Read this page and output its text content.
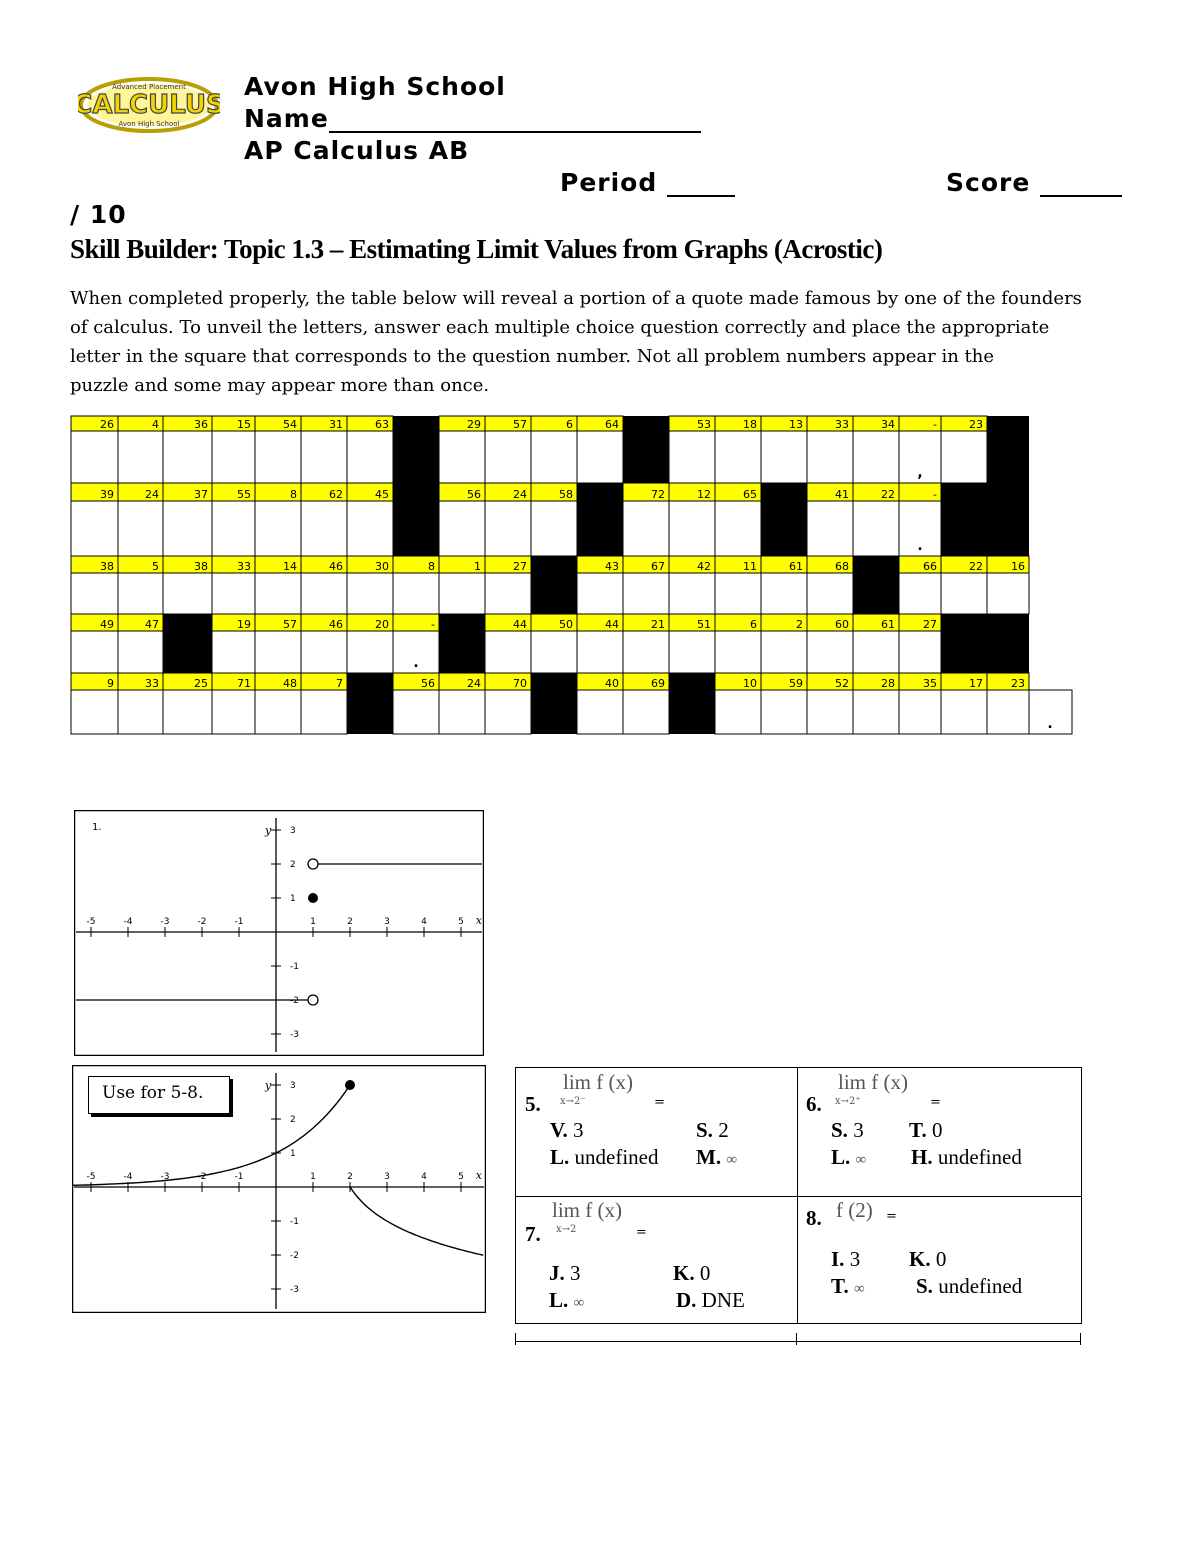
CALCULUS
Advanced Placement
Avon High School
Avon High School
Name
AP Calculus AB
Period	Score
/ 10
Skill Builder: Topic 1.3 – Estimating Limit Values from Graphs (Acrostic)
When completed properly, the table below will reveal a portion of a quote made famous by one of the founders
of calculus. To unveil the letters, answer each multiple choice question correctly and place the appropriate
letter in the square that corresponds to the question number. Not all problem numbers appear in the
puzzle and some may appear more than once.
26	4	36	15	54	31	63	29	57	6	64	53	18	13	33	34	-	23
39	24	37	55	8	62	45	56	24	58	72	12	65	41	22	-
38	5	38	33	14	46	30	8	1	27	43	67	42	11	61	68	66	22	16
49	47	19	57	46	20	-	44	50	44	21	51	6	2	60	61	27
9	33	25	71	48	7	56	24	70	40	69	10	59	52	28	35	17	23
,
.
.
.
-5	-4	-3	-2	-1	1	2	3	4	5
3
2
1
-1
-2
-3
x
y
1.
-5	-4	-3	-2	-1	1	2	3	4	5
3
2
1
-1
-2
-3
x
y
Use for 5-8.	5.
lim f (x)
x→2⁻	=
V. 3	S. 2
L. undefined M. ∞
6.
lim f (x)
x→2⁺	=
S. 3 T. 0
L. ∞ H. undefined
7.
lim f (x)
x→2	=
J. 3	K. 0
L. ∞	D. DNE
8. f (2) =
I. 3 K. 0
T. ∞ S. undefined
